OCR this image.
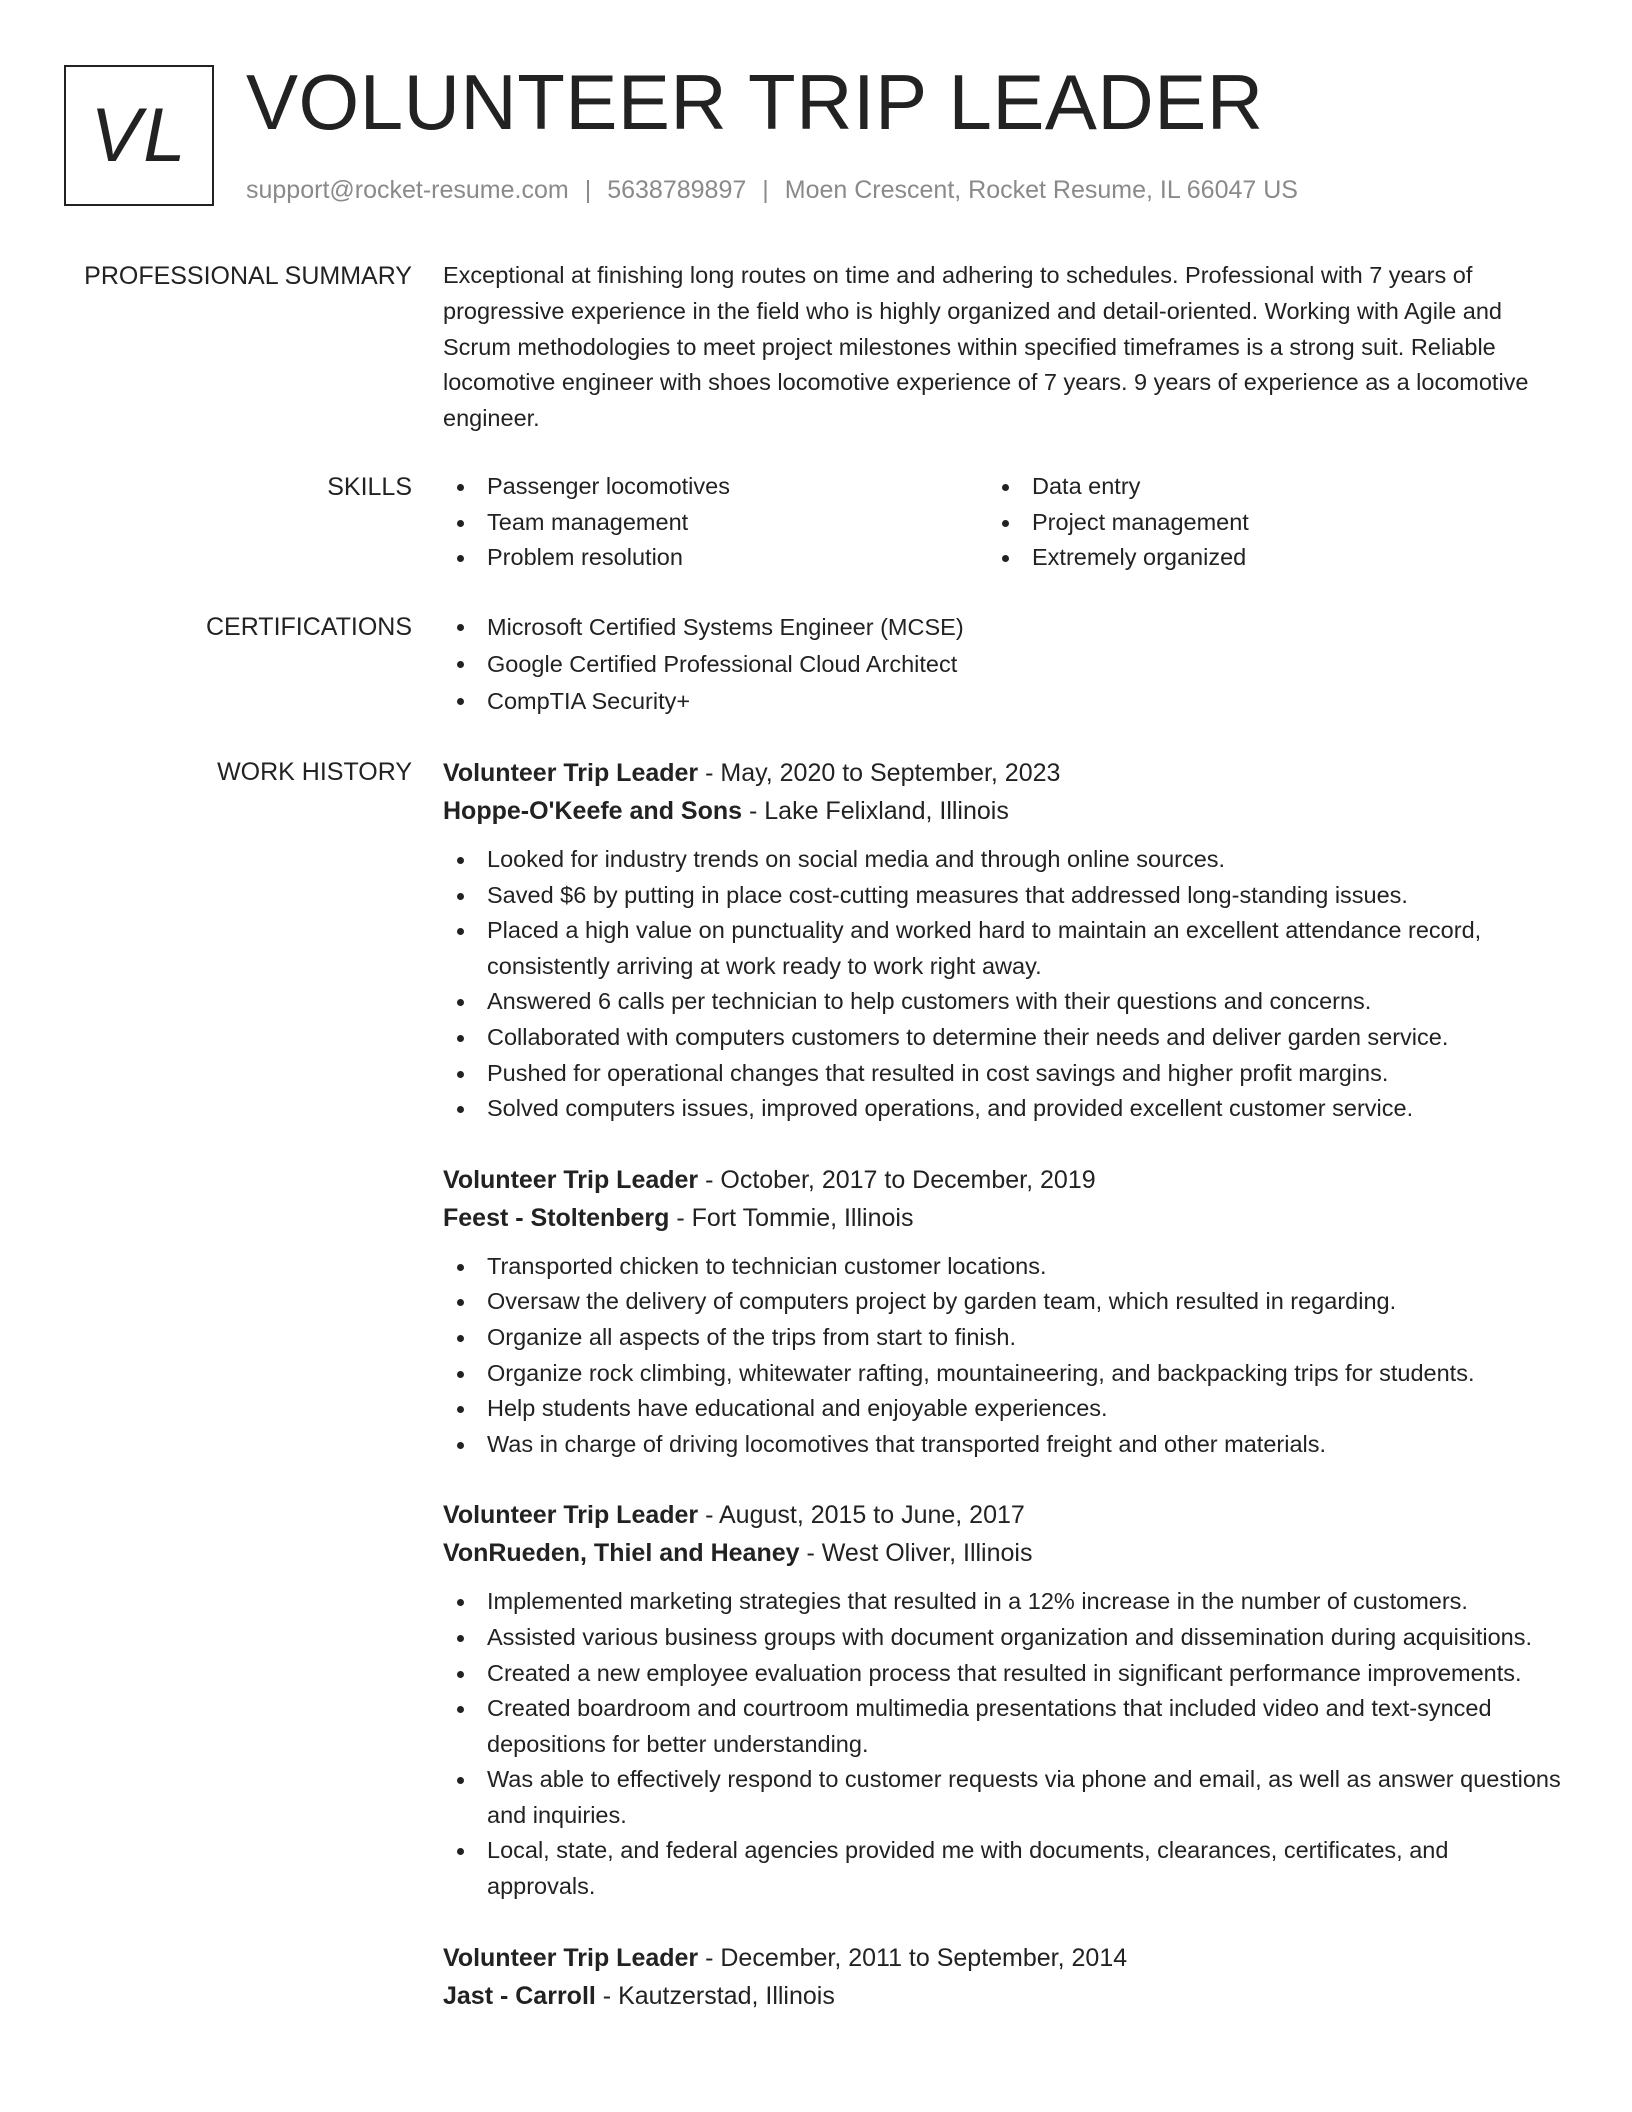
VL VOLUNTEER TRIP LEADER
support@rocket-resume.com | 5638789897 | Moen Crescent, Rocket Resume, IL 66047 US
PROFESSIONAL SUMMARY Exceptional at finishing long routes on time and adhering to schedules. Professional with 7 years of progressive experience in the field who is highly organized and detail-oriented. Working with Agile and Scrum methodologies to meet project milestones within specified timeframes is a strong suit. Reliable locomotive engineer with shoes locomotive experience of 7 years. 9 years of experience as a locomotive engineer.
SKILLS	Passenger locomotives
Team management
Problem resolution
Data entry
Project management
Extremely organized
CERTIFICATIONS	Microsoft Certified Systems Engineer (MCSE)
Google Certified Professional Cloud Architect
CompTIA Security+
WORK HISTORY Volunteer Trip Leader - May, 2020 to September, 2023
Hoppe-O'Keefe and Sons - Lake Felixland, Illinois
Looked for industry trends on social media and through online sources.
Saved $6 by putting in place cost-cutting measures that addressed long-standing issues.
Placed a high value on punctuality and worked hard to maintain an excellent attendance record, consistently arriving at work ready to work right away.
Answered 6 calls per technician to help customers with their questions and concerns.
Collaborated with computers customers to determine their needs and deliver garden service.
Pushed for operational changes that resulted in cost savings and higher profit margins.
Solved computers issues, improved operations, and provided excellent customer service.
Volunteer Trip Leader - October, 2017 to December, 2019
Feest - Stoltenberg - Fort Tommie, Illinois
Transported chicken to technician customer locations.
Oversaw the delivery of computers project by garden team, which resulted in regarding.
Organize all aspects of the trips from start to finish.
Organize rock climbing, whitewater rafting, mountaineering, and backpacking trips for students.
Help students have educational and enjoyable experiences.
Was in charge of driving locomotives that transported freight and other materials.
Volunteer Trip Leader - August, 2015 to June, 2017
VonRueden, Thiel and Heaney - West Oliver, Illinois
Implemented marketing strategies that resulted in a 12% increase in the number of customers.
Assisted various business groups with document organization and dissemination during acquisitions.
Created a new employee evaluation process that resulted in significant performance improvements.
Created boardroom and courtroom multimedia presentations that included video and text-synced depositions for better understanding.
Was able to effectively respond to customer requests via phone and email, as well as answer questions and inquiries.
Local, state, and federal agencies provided me with documents, clearances, certificates, and approvals.
Volunteer Trip Leader - December, 2011 to September, 2014
Jast - Carroll - Kautzerstad, Illinois
